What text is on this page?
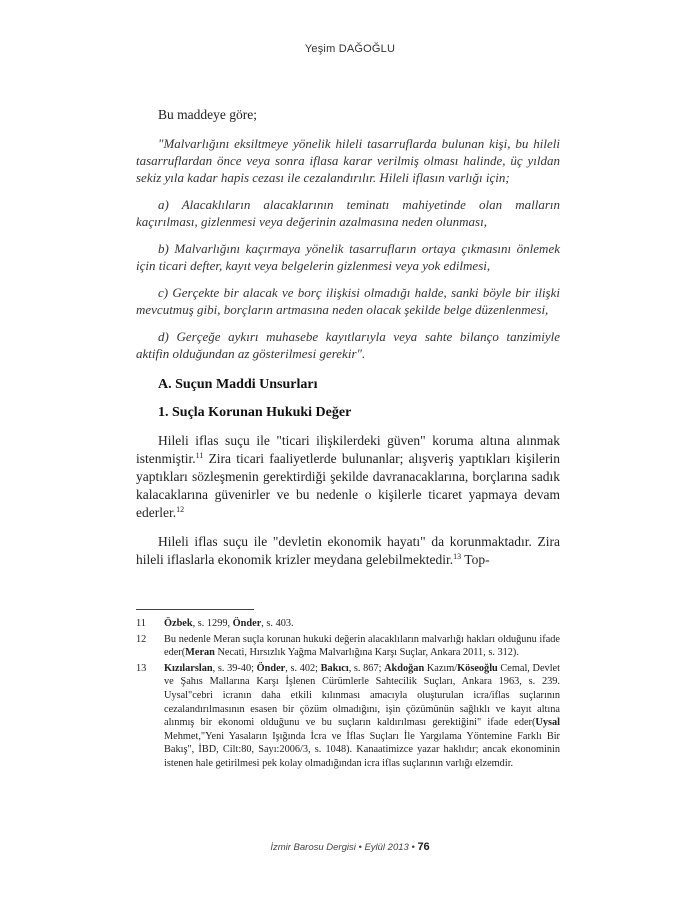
Yeşim DAĞOĞLU

Bu maddeye göre;

"Malvarlığını eksiltmeye yönelik hileli tasarruflarda bulunan kişi, bu hileli tasarruflardan önce veya sonra iflasa karar verilmiş olması halinde, üç yıldan sekiz yıla kadar hapis cezası ile cezalandırılır. Hileli iflasın varlığı için;

a) Alacaklıların alacaklarının teminatı mahiyetinde olan malların kaçırılması, gizlenmesi veya değerinin azalmasına neden olunması,

b) Malvarlığını kaçırmaya yönelik tasarrufların ortaya çıkmasını önlemek için ticari defter, kayıt veya belgelerin gizlenmesi veya yok edilmesi,

c) Gerçekte bir alacak ve borç ilişkisi olmadığı halde, sanki böyle bir ilişki mevcutmuş gibi, borçların artmasına neden olacak şekilde belge düzenlenmesi,

d) Gerçeğe aykırı muhasebe kayıtlarıyla veya sahte bilanço tanzimiyle aktifin olduğundan az gösterilmesi gerekir".

A. Suçun Maddi Unsurları
1. Suçla Korunan Hukuki Değer

Hileli iflas suçu ile "ticari ilişkilerdeki güven" koruma altına alınmak istenmiştir.$^{11}$ Zira ticari faaliyetlerde bulunanlar; alışveriş yaptıkları kişilerin yaptıkları sözleşmenin gerektirdiği şekilde davranacaklarına, borçlarına sadık kalacaklarına güvenirler ve bu nedenle o kişilerle ticaret yapmaya devam ederler.$^{12}$

Hileli iflas suçu ile "devletin ekonomik hayatı" da korunmaktadır. Zira hileli iflaslarla ekonomik krizler meydana gelebilmektedir.$^{13}$ Top-

11	Özbek, s. 1299, Önder, s. 403.
12	Bu nedenle Meran suçla korunan hukuki değerin alacaklıların malvarlığı hakları olduğunu ifade eder(Meran Necati, Hırsızlık Yağma Malvarlığına Karşı Suçlar, Ankara 2011, s. 312).
13	Kızılarslan, s. 39-40; Önder, s. 402; Bakıcı, s. 867; Akdoğan Kazım/Köseoğlu Cemal, Devlet ve Şahıs Mallarına Karşı İşlenen Cürümlerle Sahtecilik Suçları, Ankara 1963, s. 239. Uysal"cebri icranın daha etkili kılınması amacıyla oluşturulan icra/iflas suçlarının cezalandırılmasının esasen bir çözüm olmadığını, işin çözümünün sağlıklı ve kayıt altına alınmış bir ekonomi olduğunu ve bu suçların kaldırılması gerektiğini" ifade eder(Uysal Mehmet,"Yeni Yasaların Işığında İcra ve İflas Suçları İle Yargılama Yöntemine Farklı Bir Bakış", İBD, Cilt:80, Sayı:2006/3, s. 1048). Kanaatimizce yazar haklıdır; ancak ekonominin istenen hale getirilmesi pek kolay olmadığından icra iflas suçlarının varlığı elzemdir.
İzmir Barosu Dergisi • Eylül 2013 • 76
